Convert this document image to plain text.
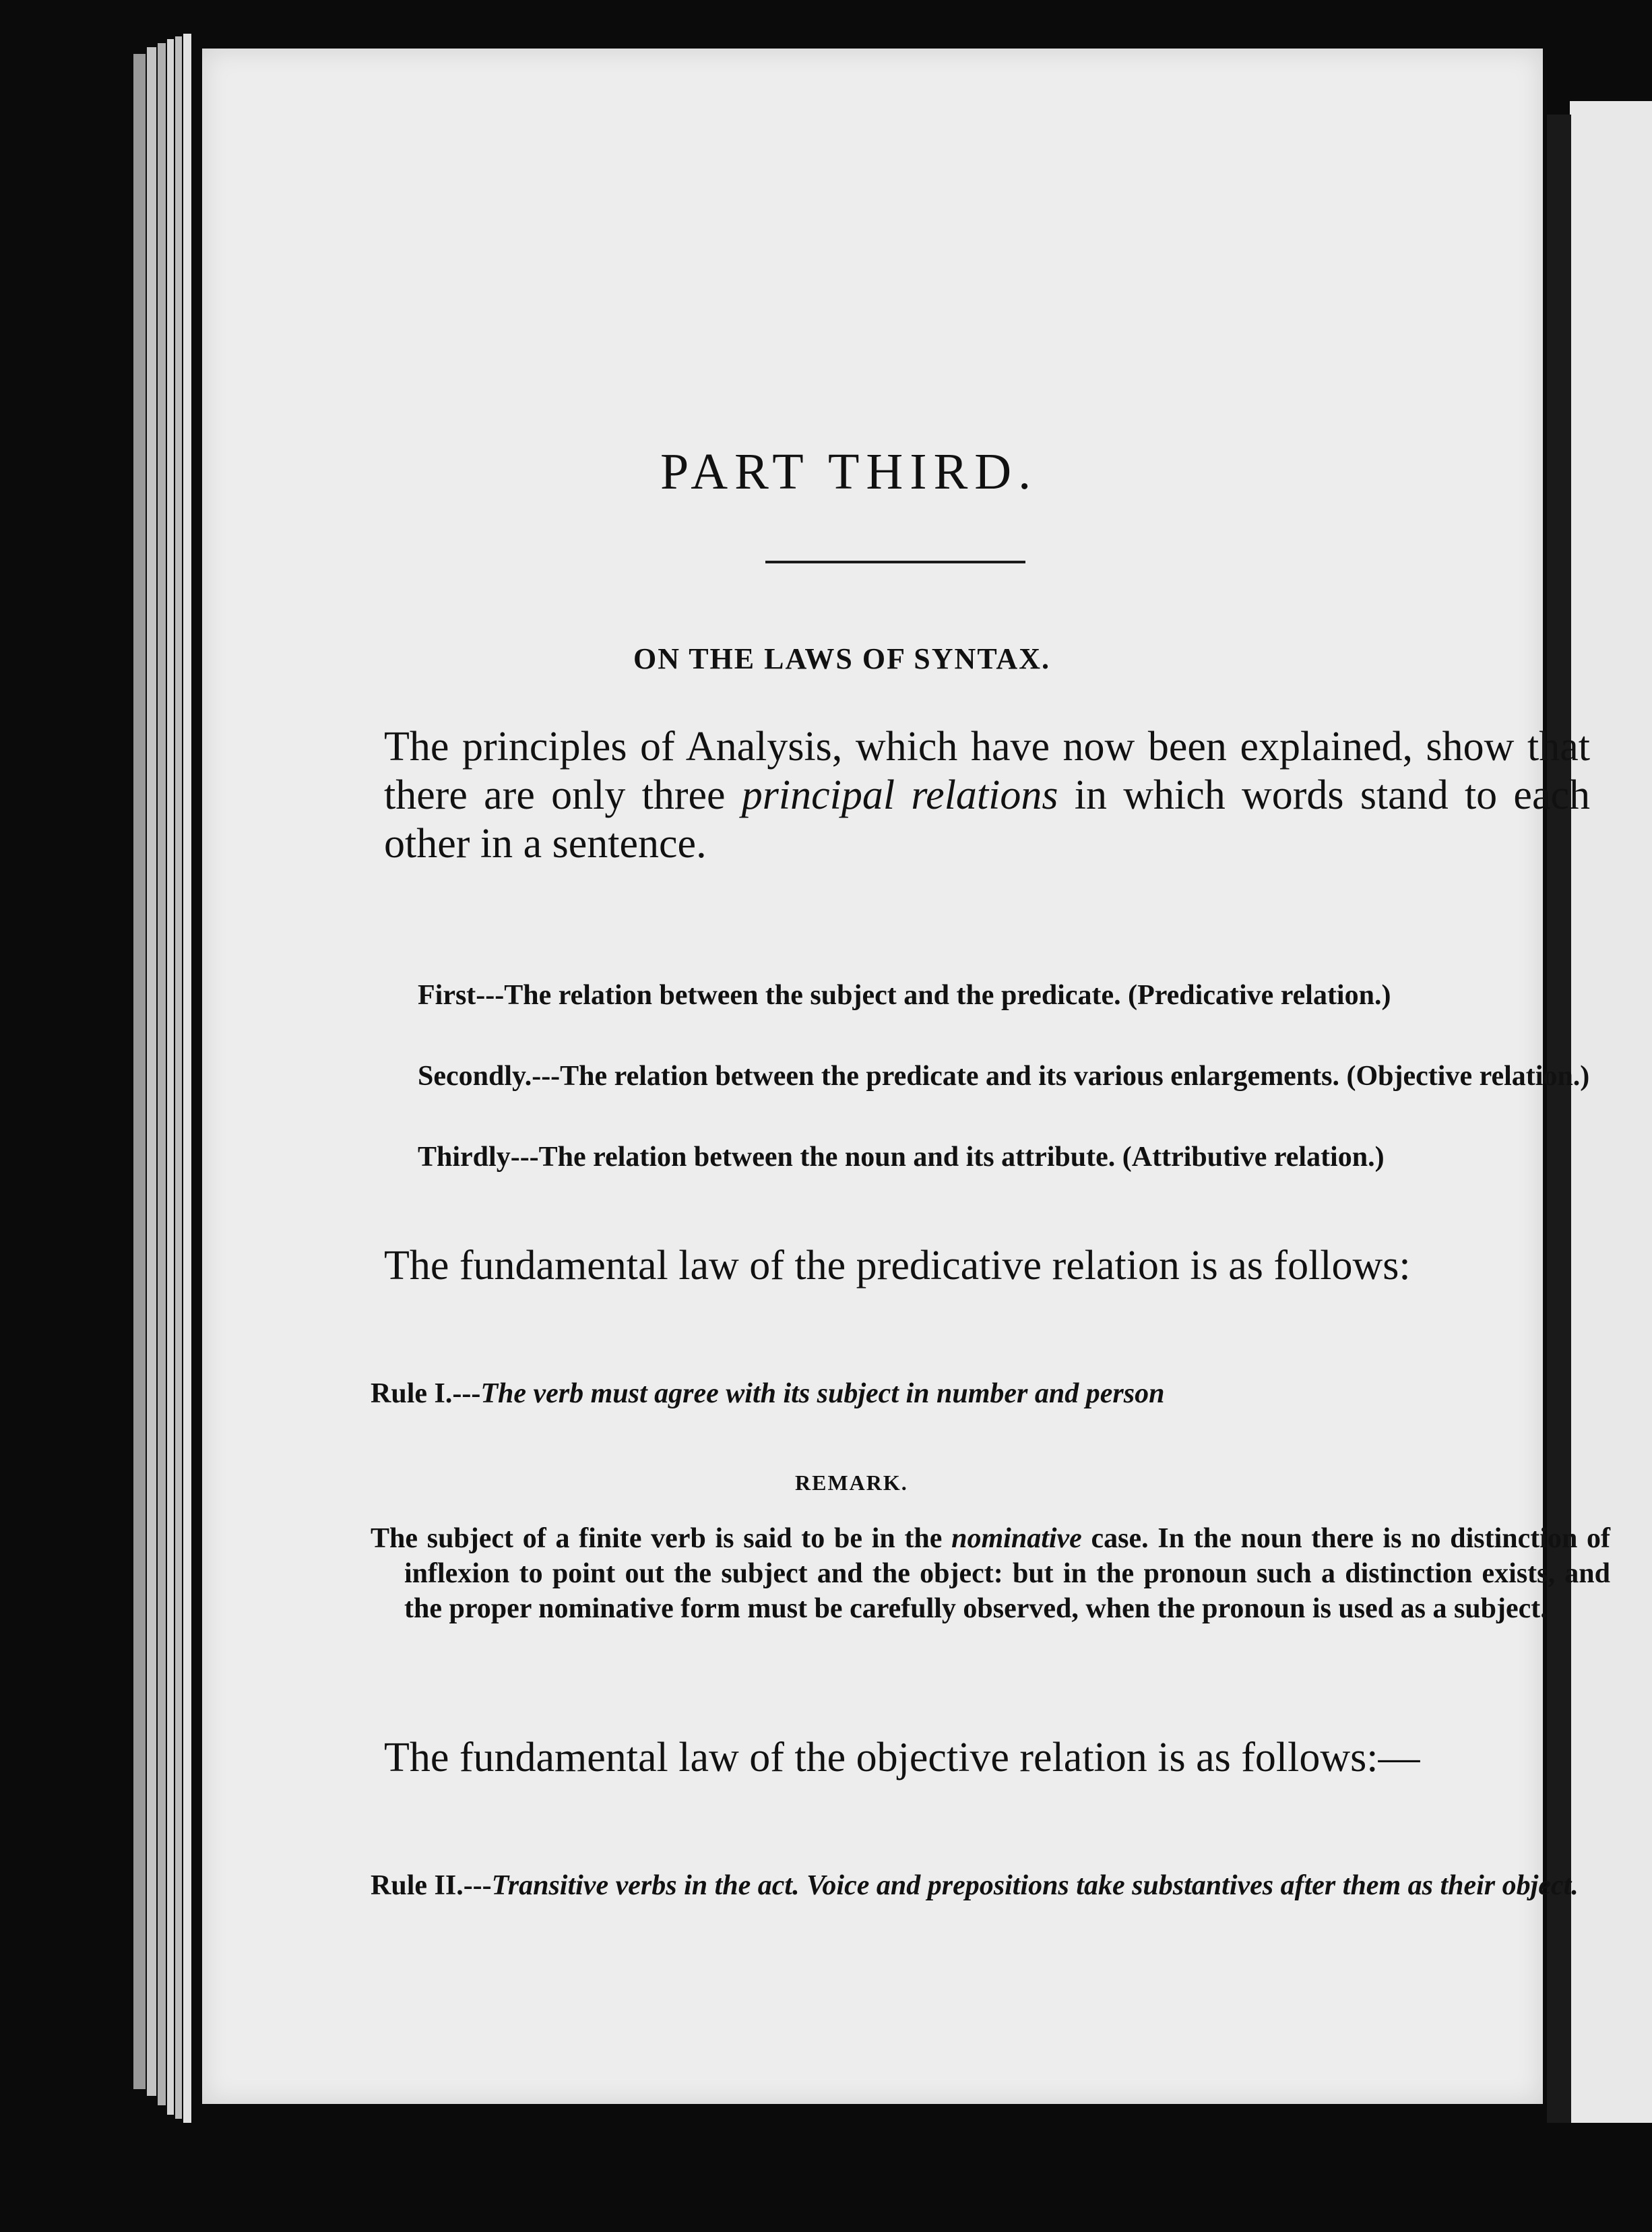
PART THIRD.
ON THE LAWS OF SYNTAX.
The principles of Analysis, which have now been explained, show that there are only three principal relations in which words stand to each other in a sentence.
First---The relation between the subject and the predicate. (Predicative relation.)
Secondly.---The relation between the predicate and its various enlargements. (Objective relation.)
Thirdly---The relation between the noun and its attribute. (Attributive relation.)
The fundamental law of the predicative relation is as follows:
Rule I.---The verb must agree with its subject in number and person
REMARK.
The subject of a finite verb is said to be in the nominative case. In the noun there is no distinction of inflexion to point out the subject and the object: but in the pronoun such a distinction exists, and the proper nominative form must be carefully observed, when the pronoun is used as a subject.
The fundamental law of the objective relation is as follows:—
Rule II.---Transitive verbs in the act. Voice and prepositions take substantives after them as their object.
